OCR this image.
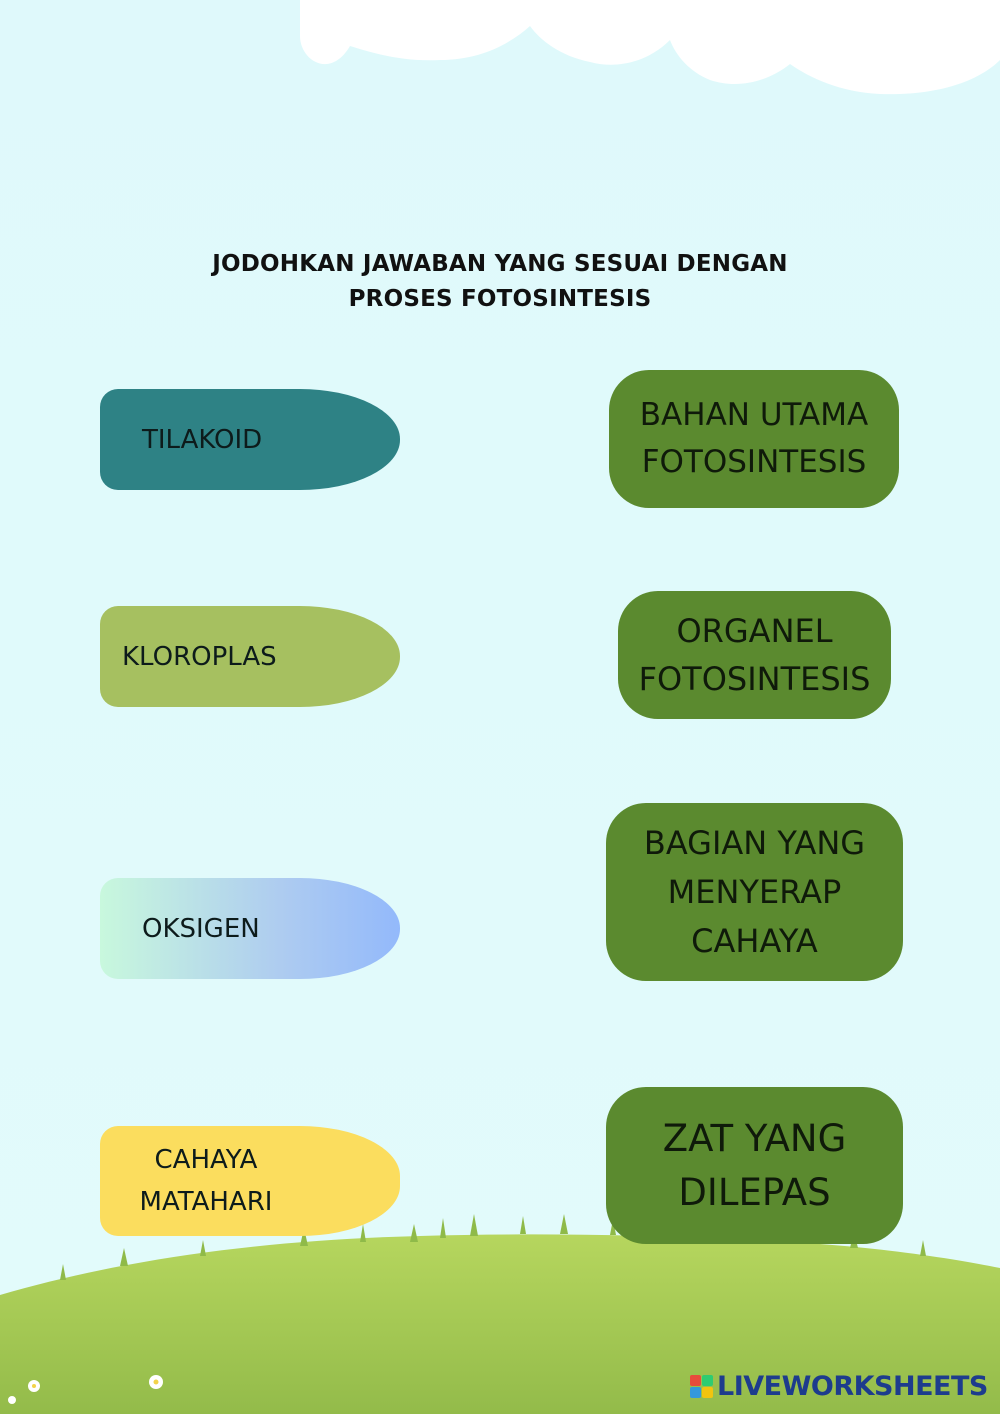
JODOHKAN JAWABAN YANG SESUAI DENGAN
PROSES FOTOSINTESIS
TILAKOID
KLOROPLAS
OKSIGEN
CAHAYA
MATAHARI
BAHAN UTAMA
FOTOSINTESIS
ORGANEL
FOTOSINTESIS
BAGIAN YANG
MENYERAP
CAHAYA
ZAT YANG
DILEPAS
LIVEWORKSHEETS
